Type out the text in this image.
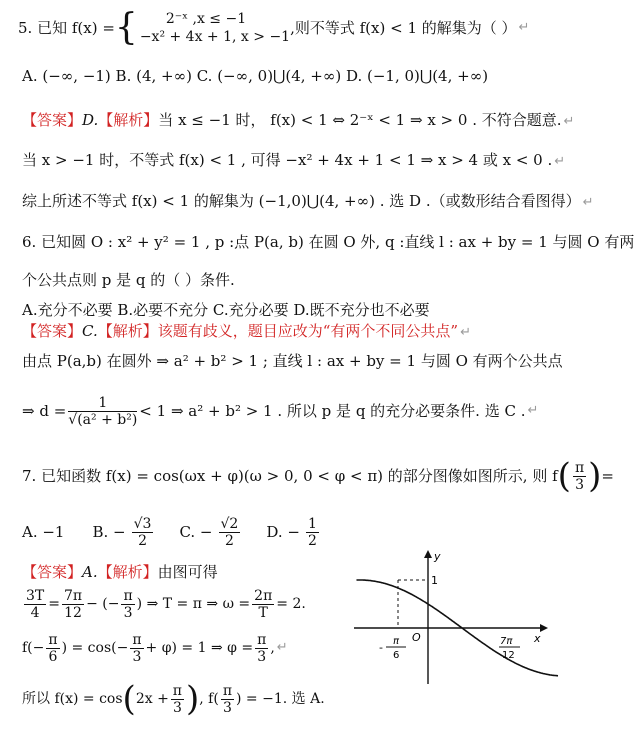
5. 已知 f(x) = {	2⁻ˣ ,x ≤ −1
−x² + 4x + 1, x > −1 ,则不等式 f(x) < 1 的解集为（ ） ↵
A. (−∞, −1) B. (4, +∞) C. (−∞, 0)⋃(4, +∞) D. (−1, 0)⋃(4, +∞)
【答案】D.【解析】当 x ≤ −1 时， f(x) < 1 ⇔ 2⁻ˣ < 1 ⇒ x > 0 . 不符合题意. ↵
当 x > −1 时，不等式 f(x) < 1 , 可得 −x² + 4x + 1 < 1 ⇒ x > 4 或 x < 0 . ↵
综上所述不等式 f(x) < 1 的解集为 (−1,0)⋃(4, +∞) . 选 D .（或数形结合看图得） ↵
6. 已知圆 O : x² + y² = 1 , p :点 P(a, b) 在圆 O 外, q :直线 l : ax + by = 1 与圆 O 有两
个公共点则 p 是 q 的（ ）条件.
A.充分不必要 B.必要不充分 C.充分必要 D.既不充分也不必要
【答案】C.【解析】该题有歧义，题目应改为“有两个不同公共点” ↵
由点 P(a,b) 在圆外 ⇒ a² + b² > 1 ; 直线 l : ax + by = 1 与圆 O 有两个公共点
⇒ $d = \frac{1}{\text{√(a² + b²)}} < 1$ ⇒ a² + b² > 1 . 所以 p 是 q 的充分必要条件. 选 C . ↵
7. 已知函数 f(x) = cos(ωx + φ)(ω > 0, 0 < φ < π) 的部分图像如图所示, 则 f ( $\frac{\pi}{3}$ ) =
A. −1 B. − $\frac{√3}{2} C$. − $\frac{√2}{2} D$. − $\frac{1}{2}$
【答案】A.【解析】由图可得
$\frac{3T}{4} = \frac{7\pi}{12}$ − (− $\frac{\pi}{3}$ ) ⇒ T = π ⇒ $\omega = \frac{2\pi}{T} = 2$.
$f(- \frac{\pi}{6}$ ) = $\cos(- \frac{\pi}{3} + \varphi) = 1$ ⇒ $\varphi = \frac{\pi}{3}$ , ↵
所以 f(x) = cos ( $2x + \frac{\pi}{3}$ ) , $f( \frac{\pi}{3}$ ) = −1. 选 A.
y
x
1
O
π
-
6
7π
12
